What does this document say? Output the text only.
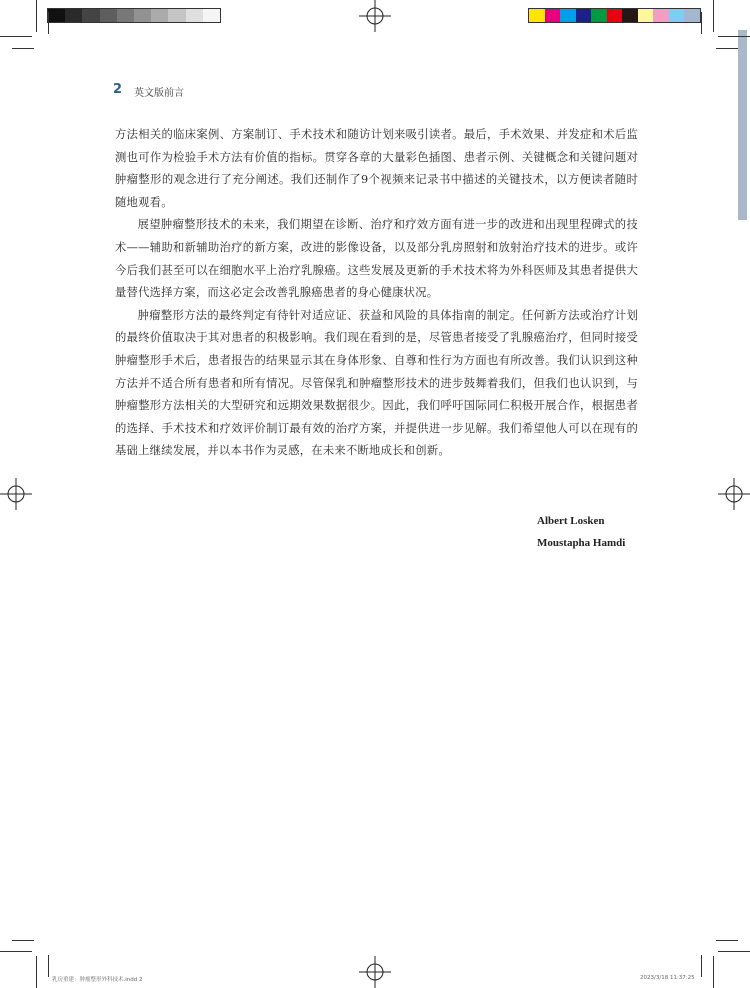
2 英文版前言

方法相关的临床案例、方案制订、手术技术和随访计划来吸引读者。最后，手术效果、并发症和术后监测也可作为检验手术方法有价值的指标。贯穿各章的大量彩色插图、患者示例、关键概念和关键问题对肿瘤整形的观念进行了充分阐述。我们还制作了9个视频来记录书中描述的关键技术，以方便读者随时随地观看。

展望肿瘤整形技术的未来，我们期望在诊断、治疗和疗效方面有进一步的改进和出现里程碑式的技术——辅助和新辅助治疗的新方案，改进的影像设备，以及部分乳房照射和放射治疗技术的进步。或许今后我们甚至可以在细胞水平上治疗乳腺癌。这些发展及更新的手术技术将为外科医师及其患者提供大量替代选择方案，而这必定会改善乳腺癌患者的身心健康状况。

肿瘤整形方法的最终判定有待针对适应证、获益和风险的具体指南的制定。任何新方法或治疗计划的最终价值取决于其对患者的积极影响。我们现在看到的是，尽管患者接受了乳腺癌治疗，但同时接受肿瘤整形手术后，患者报告的结果显示其在身体形象、自尊和性行为方面也有所改善。我们认识到这种方法并不适合所有患者和所有情况。尽管保乳和肿瘤整形技术的进步鼓舞着我们，但我们也认识到，与肿瘤整形方法相关的大型研究和远期效果数据很少。因此，我们呼吁国际同仁积极开展合作，根据患者的选择、手术技术和疗效评价制订最有效的治疗方案，并提供进一步见解。我们希望他人可以在现有的基础上继续发展，并以本书作为灵感，在未来不断地成长和创新。

Albert Losken
Moustapha Hamdi
乳房重建：肿瘤整形外科技术.indd 2	2023/3/18 11:37:25
